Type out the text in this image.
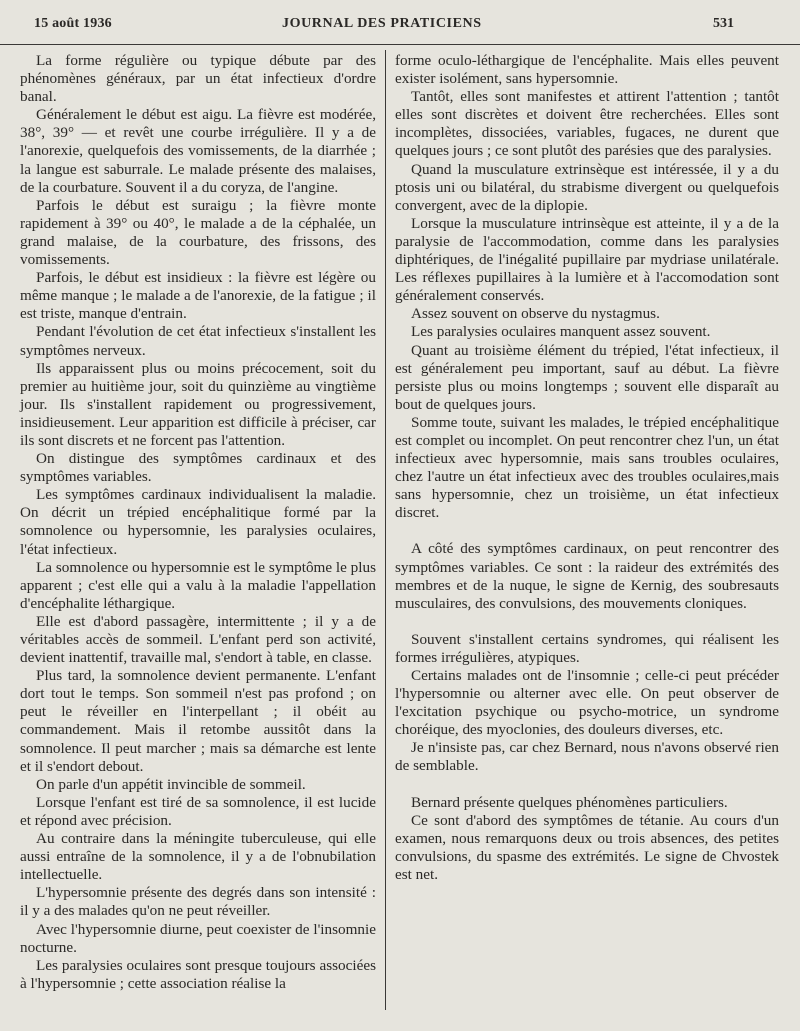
15 août 1936	JOURNAL DES PRATICIENS	531

La forme régulière ou typique débute par des phénomènes généraux, par un état infectieux d'ordre banal.

Généralement le début est aigu. La fièvre est modérée, 38°, 39° — et revêt une courbe irrégulière. Il y a de l'anorexie, quelquefois des vomissements, de la diarrhée ; la langue est saburrale. Le malade présente des malaises, de la courbature. Souvent il a du coryza, de l'angine.

Parfois le début est suraigu ; la fièvre monte rapidement à 39° ou 40°, le malade a de la céphalée, un grand malaise, de la courbature, des frissons, des vomissements.

Parfois, le début est insidieux : la fièvre est légère ou même manque ; le malade a de l'anorexie, de la fatigue ; il est triste, manque d'entrain.

Pendant l'évolution de cet état infectieux s'installent les symptômes nerveux.

Ils apparaissent plus ou moins précocement, soit du premier au huitième jour, soit du quinzième au vingtième jour. Ils s'installent rapidement ou progressivement, insidieusement. Leur apparition est difficile à préciser, car ils sont discrets et ne forcent pas l'attention.

On distingue des symptômes cardinaux et des symptômes variables.

Les symptômes cardinaux individualisent la maladie. On décrit un trépied encéphalitique formé par la somnolence ou hypersomnie, les paralysies oculaires, l'état infectieux.

La somnolence ou hypersomnie est le symptôme le plus apparent ; c'est elle qui a valu à la maladie l'appellation d'encéphalite léthargique.

Elle est d'abord passagère, intermittente ; il y a de véritables accès de sommeil. L'enfant perd son activité, devient inattentif, travaille mal, s'endort à table, en classe.

Plus tard, la somnolence devient permanente. L'enfant dort tout le temps. Son sommeil n'est pas profond ; on peut le réveiller en l'interpellant ; il obéit au commandement. Mais il retombe aussitôt dans la somnolence. Il peut marcher ; mais sa démarche est lente et il s'endort debout.

On parle d'un appétit invincible de sommeil.

Lorsque l'enfant est tiré de sa somnolence, il est lucide et répond avec précision.

Au contraire dans la méningite tuberculeuse, qui elle aussi entraîne de la somnolence, il y a de l'obnubilation intellectuelle.

L'hypersomnie présente des degrés dans son intensité : il y a des malades qu'on ne peut réveiller.

Avec l'hypersomnie diurne, peut coexister de l'insomnie nocturne.

Les paralysies oculaires sont presque toujours associées à l'hypersomnie ; cette association réalise la

forme oculo-léthargique de l'encéphalite. Mais elles peuvent exister isolément, sans hypersomnie.

Tantôt, elles sont manifestes et attirent l'attention ; tantôt elles sont discrètes et doivent être recherchées. Elles sont incomplètes, dissociées, variables, fugaces, ne durent que quelques jours ; ce sont plutôt des parésies que des paralysies.

Quand la musculature extrinsèque est intéressée, il y a du ptosis uni ou bilatéral, du strabisme divergent ou quelquefois convergent, avec de la diplopie.

Lorsque la musculature intrinsèque est atteinte, il y a de la paralysie de l'accommodation, comme dans les paralysies diphtériques, de l'inégalité pupillaire par mydriase unilatérale. Les réflexes pupillaires à la lumière et à l'accomodation sont généralement conservés.

Assez souvent on observe du nystagmus.

Les paralysies oculaires manquent assez souvent.

Quant au troisième élément du trépied, l'état infectieux, il est généralement peu important, sauf au début. La fièvre persiste plus ou moins longtemps ; souvent elle disparaît au bout de quelques jours.

Somme toute, suivant les malades, le trépied encéphalitique est complet ou incomplet. On peut rencontrer chez l'un, un état infectieux avec hypersomnie, mais sans troubles oculaires, chez l'autre un état infectieux avec des troubles oculaires,mais sans hypersomnie, chez un troisième, un état infectieux discret.

A côté des symptômes cardinaux, on peut rencontrer des symptômes variables. Ce sont : la raideur des extrémités des membres et de la nuque, le signe de Kernig, des soubresauts musculaires, des convulsions, des mouvements cloniques.

Souvent s'installent certains syndromes, qui réalisent les formes irrégulières, atypiques.

Certains malades ont de l'insomnie ; celle-ci peut précéder l'hypersomnie ou alterner avec elle. On peut observer de l'excitation psychique ou psycho-motrice, un syndrome choréique, des myoclonies, des douleurs diverses, etc.

Je n'insiste pas, car chez Bernard, nous n'avons observé rien de semblable.

Bernard présente quelques phénomènes particuliers.

Ce sont d'abord des symptômes de tétanie. Au cours d'un examen, nous remarquons deux ou trois absences, des petites convulsions, du spasme des extrémités. Le signe de Chvostek est net.
